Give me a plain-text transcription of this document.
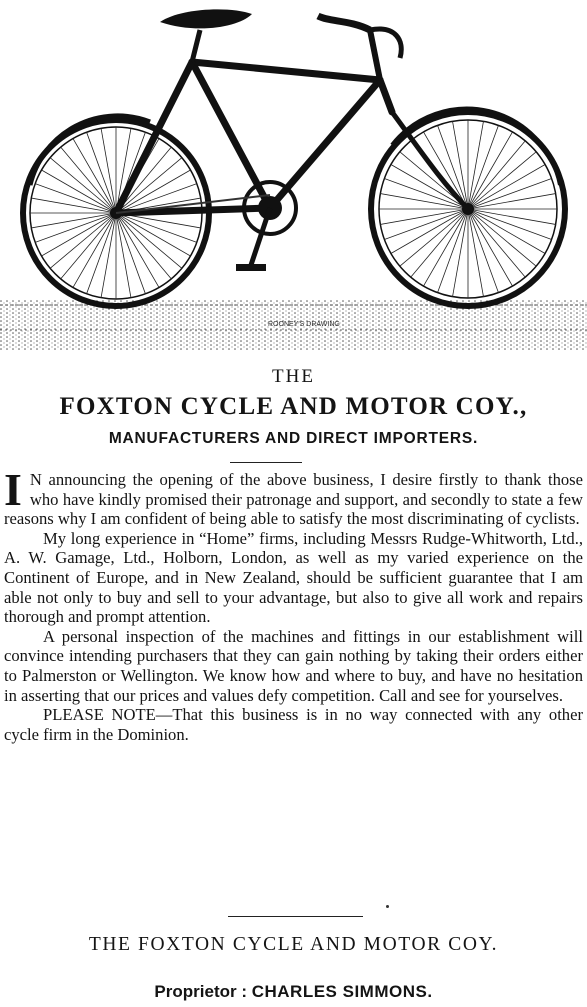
ROONEY'S DRAWING
THE
FOXTON CYCLE AND MOTOR COY.,
MANUFACTURERS AND DIRECT IMPORTERS.

I N announcing the opening of the above business, I desire firstly to thank those who have kindly promised their patronage and support, and secondly to state a few reasons why I am confident of being able to satisfy the most discriminating of cyclists.

My long experience in “Home” firms, including Messrs Rudge-Whitworth, Ltd., A. W. Gamage, Ltd., Holborn, London, as well as my varied experience on the Continent of Europe, and in New Zealand, should be sufficient guarantee that I am able not only to buy and sell to your advantage, but also to give all work and repairs thorough and prompt attention.

A personal inspection of the machines and fittings in our establishment will convince intending purchasers that they can gain nothing by taking their orders either to Palmerston or Wellington. We know how and where to buy, and have no hesitation in asserting that our prices and values defy competition. Call and see for yourselves.

PLEASE NOTE—That this business is in no way connected with any other cycle firm in the Dominion.

THE FOXTON CYCLE AND MOTOR COY.
Proprietor : CHARLES SIMMONS.
